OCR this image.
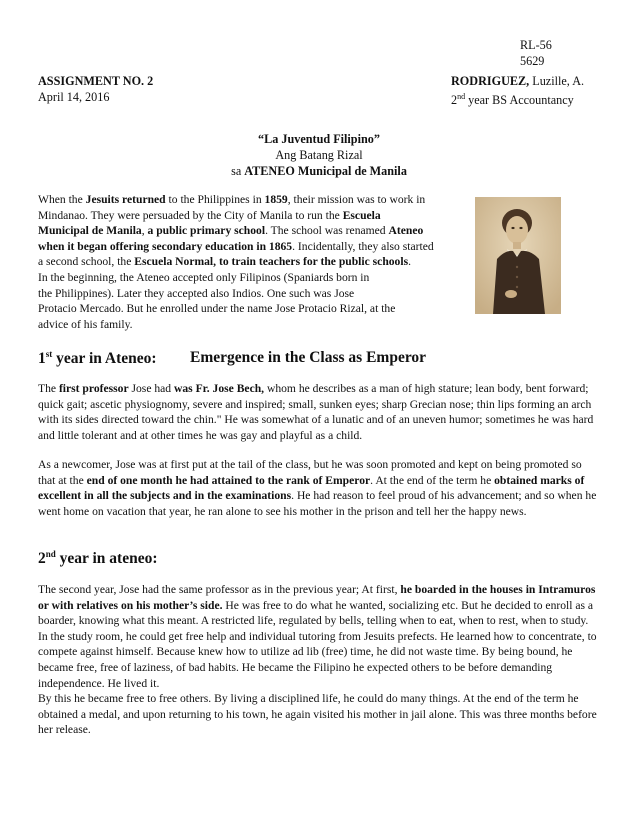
RL-56
5629
ASSIGNMENT NO. 2
April 14, 2016
RODRIGUEZ, Luzille, A.
2nd year BS Accountancy
“La Juventud Filipino”
Ang Batang Rizal
sa ATENEO Municipal de Manila

When the Jesuits returned to the Philippines in 1859, their mission was to work in

Mindanao. They were persuaded by the City of Manila to run the Escuela

Municipal de Manila, a public primary school. The school was renamed Ateneo

when it began offering secondary education in 1865. Incidentally, they also started

a second school, the Escuela Normal, to train teachers for the public schools.

In the beginning, the Ateneo accepted only Filipinos (Spaniards born in

the Philippines). Later they accepted also Indios. One such was Jose

Protacio Mercado. But he enrolled under the name Jose Protacio Rizal, at the

advice of his family.

1st year in Ateneo: Emergence in the Class as Emperor

The first professor Jose had was Fr. Jose Bech, whom he describes as a man of high stature; lean body, bent forward; quick gait; ascetic physiognomy, severe and inspired; small, sunken eyes; sharp Grecian nose; thin lips forming an arch with its sides directed toward the chin." He was somewhat of a lunatic and of an uneven humor; sometimes he was hard and little tolerant and at other times he was gay and playful as a child.

As a newcomer, Jose was at first put at the tail of the class, but he was soon promoted and kept on being promoted so that at the end of one month he had attained to the rank of Emperor. At the end of the term he obtained marks of excellent in all the subjects and in the examinations. He had reason to feel proud of his advancement; and so when he went home on vacation that year, he ran alone to see his mother in the prison and tell her the happy news.

2nd year in ateneo:

The second year, Jose had the same professor as in the previous year; At first, he boarded in the houses in Intramuros or with relatives on his mother’s side. He was free to do what he wanted, socializing etc. But he decided to enroll as a boarder, knowing what this meant. A restricted life, regulated by bells, telling when to eat, when to rest, when to study. In the study room, he could get free help and individual tutoring from Jesuits prefects. He learned how to concentrate, to compete against himself. Because knew how to utilize ad lib (free) time, he did not waste time. By being bound, he became free, free of laziness, of bad habits. He became the Filipino he expected others to be before demanding independence. He lived it.

By this he became free to free others. By living a disciplined life, he could do many things. At the end of the term he obtained a medal, and upon returning to his town, he again visited his mother in jail alone. This was three months before her release.
